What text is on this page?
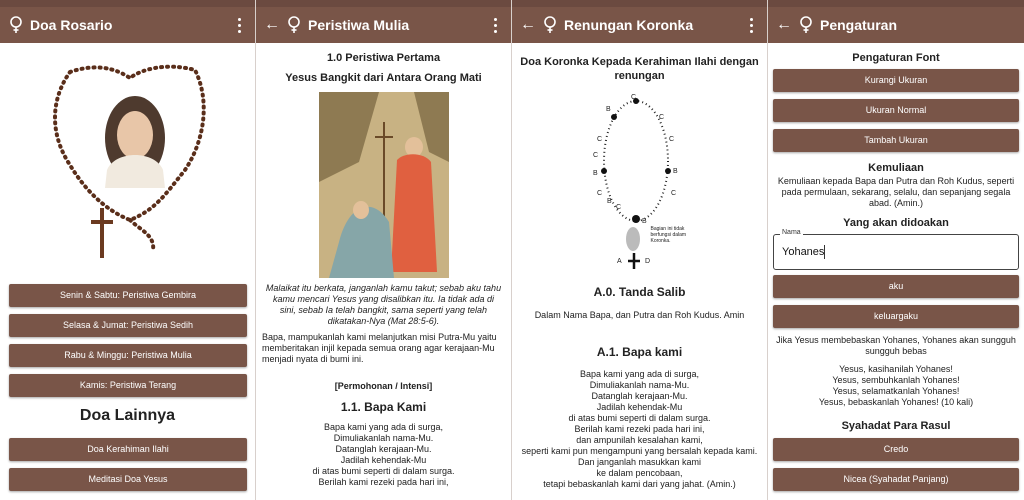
Doa Rosario
Senin & Sabtu: Peristiwa Gembira
Selasa & Jumat: Peristiwa Sedih
Rabu & Minggu: Peristiwa Mulia
Kamis: Peristiwa Terang
Doa Lainnya
Doa Kerahiman Ilahi
Meditasi Doa Yesus
← Peristiwa Mulia
1.0 Peristiwa Pertama
Yesus Bangkit dari Antara Orang Mati
Malaikat itu berkata, janganlah kamu takut; sebab aku tahu kamu mencari Yesus yang disalibkan itu. Ia tidak ada di sini, sebab Ia telah bangkit, sama seperti yang telah dikatakan-Nya (Mat 28:5-6).
Bapa, mampukanlah kami melanjutkan misi Putra-Mu yaitu memberitakan injil kepada semua orang agar kerajaan-Mu menjadi nyata di bumi ini.
[Permohonan / Intensi]
1.1. Bapa Kami
Bapa kami yang ada di surga,
Dimuliakanlah nama-Mu.
Datanglah kerajaan-Mu.
Jadilah kehendak-Mu
di atas bumi seperti di dalam surga.
Berilah kami rezeki pada hari ini,
← Renungan Koronka
Doa Koronka Kepada Kerahiman Ilahi dengan renungan
C
B
C
C
B
C
C
B
C
C
B
C
B
A	D
Bagian ini tidak berfungsi dalam Koronka.
A.0. Tanda Salib
Dalam Nama Bapa, dan Putra dan Roh Kudus. Amin
A.1. Bapa kami
Bapa kami yang ada di surga,
Dimuliakanlah nama-Mu.
Datanglah kerajaan-Mu.
Jadilah kehendak-Mu
di atas bumi seperti di dalam surga.
Berilah kami rezeki pada hari ini,
dan ampunilah kesalahan kami,
seperti kami pun mengampuni yang bersalah kepada kami.
Dan janganlah masukkan kami
ke dalam pencobaan,
tetapi bebaskanlah kami dari yang jahat. (Amin.)
← Pengaturan
Pengaturan Font
Kurangi Ukuran
Ukuran Normal
Tambah Ukuran
Kemuliaan
Kemuliaan kepada Bapa dan Putra dan Roh Kudus, seperti pada permulaan, sekarang, selalu, dan sepanjang segala abad. (Amin.)
Yang akan didoakan
Nama
Yohanes
aku
keluargaku
Jika Yesus membebaskan Yohanes, Yohanes akan sungguh sungguh bebas
Yesus, kasihanilah Yohanes!
Yesus, sembuhkanlah Yohanes!
Yesus, selamatkanlah Yohanes!
Yesus, bebaskanlah Yohanes! (10 kali)
Syahadat Para Rasul
Credo
Nicea (Syahadat Panjang)
